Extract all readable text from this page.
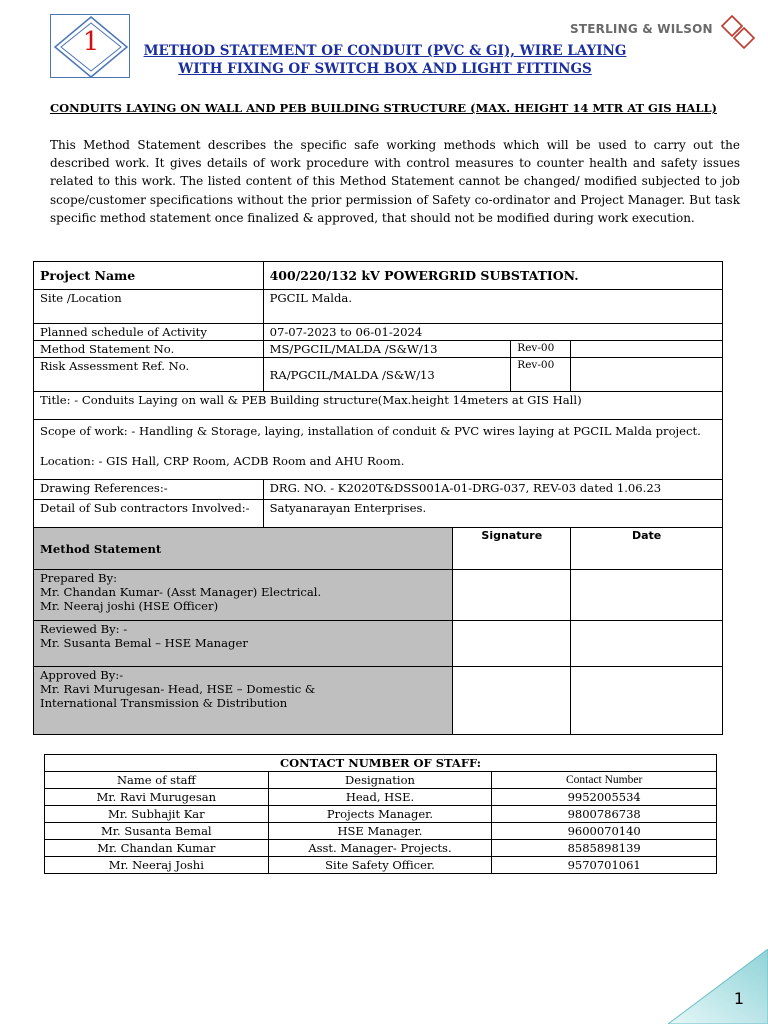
1	METHOD STATEMENT OF CONDUIT (PVC & GI), WIRE LAYING
WITH FIXING OF SWITCH BOX AND LIGHT FITTINGS
STERLING & WILSON
CONDUITS LAYING ON WALL AND PEB BUILDING STRUCTURE (MAX. HEIGHT 14 MTR AT GIS HALL)
This Method Statement describes the specific safe working methods which will be used to carry out the described work. It gives details of work procedure with control measures to counter health and safety issues related to this work. The listed content of this Method Statement cannot be changed/ modified subjected to job scope/customer specifications without the prior permission of Safety co-ordinator and Project Manager. But task specific method statement once finalized & approved, that should not be modified during work execution.
Project Name	400/220/132 kV POWERGRID SUBSTATION.			
Site /Location	PGCIL Malda.			
Planned schedule of Activity	07-07-2023 to 06-01-2024			
Method Statement No.	MS/PGCIL/MALDA /S&W/13		Rev-00	
Risk Assessment Ref. No.	RA/PGCIL/MALDA /S&W/13		Rev-00	
Title: - Conduits Laying on wall & PEB Building structure(Max.height 14meters at GIS Hall)				

Scope of work: - Handling & Storage, laying, installation of conduit & PVC wires laying at PGCIL Malda project.
Location: - GIS Hall, CRP Room, ACDB Room and AHU Room.				

Drawing References:-	DRG. NO. - K2020T&DSS001A-01-DRG-037, REV-03 dated 1.06.23			
Detail of Sub contractors Involved:-	Satyanarayan Enterprises.			
Method Statement		Signature		Date

Prepared By:
Mr. Chandan Kumar- (Asst Manager) Electrical.
Mr. Neeraj joshi (HSE Officer)				

Reviewed By: -
Mr. Susanta Bemal – HSE Manager				

Approved By:-
Mr. Ravi Murugesan- Head, HSE – Domestic &
International Transmission & Distribution				

CONTACT NUMBER OF STAFF:		
Name of staff	Designation	Contact Number
Mr. Ravi Murugesan	Head, HSE.	9952005534
Mr. Subhajit Kar	Projects Manager.	9800786738
Mr. Susanta Bemal	HSE Manager.	9600070140
Mr. Chandan Kumar	Asst. Manager- Projects.	8585898139
Mr. Neeraj Joshi	Site Safety Officer.	9570701061
1
